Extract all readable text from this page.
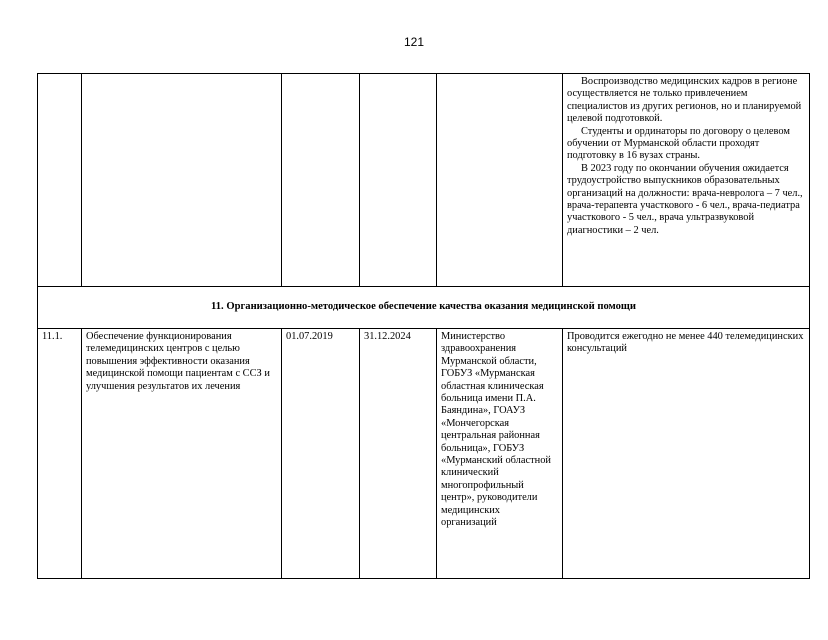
121

					Воспроизводство медицинских кадров в регионе осуществляется не только привлечением специалистов из других регионов, но и планируемой целевой подготовкой.

Студенты и ординаторы по договору о целевом обучении от Мурманской области проходят подготовку в 16 вузах страны.

В 2023 году по окончании обучения ожидается трудоустройство выпускников образовательных организаций на должности: врача-невролога – 7 чел., врача-терапевта участкового - 6 чел., врача-педиатра участкового - 5 чел., врача ультразвуковой диагностики – 2 чел.

11. Организационно-методическое обеспечение качества оказания медицинской помощи					
11.1.	Обеспечение функционирования телемедицинских центров с целью повышения эффективности оказания медицинской помощи пациентам с ССЗ и улучшения результатов их лечения	01.07.2019	31.12.2024	Министерство здравоохранения Мурманской области, ГОБУЗ «Мурманская областная клиническая больница имени П.А. Баяндина», ГОАУЗ «Мончегорская центральная районная больница», ГОБУЗ «Мурманский областной клинический многопрофильный центр», руководители медицинских организаций	Проводится ежегодно не менее 440 телемедицинских консультаций
